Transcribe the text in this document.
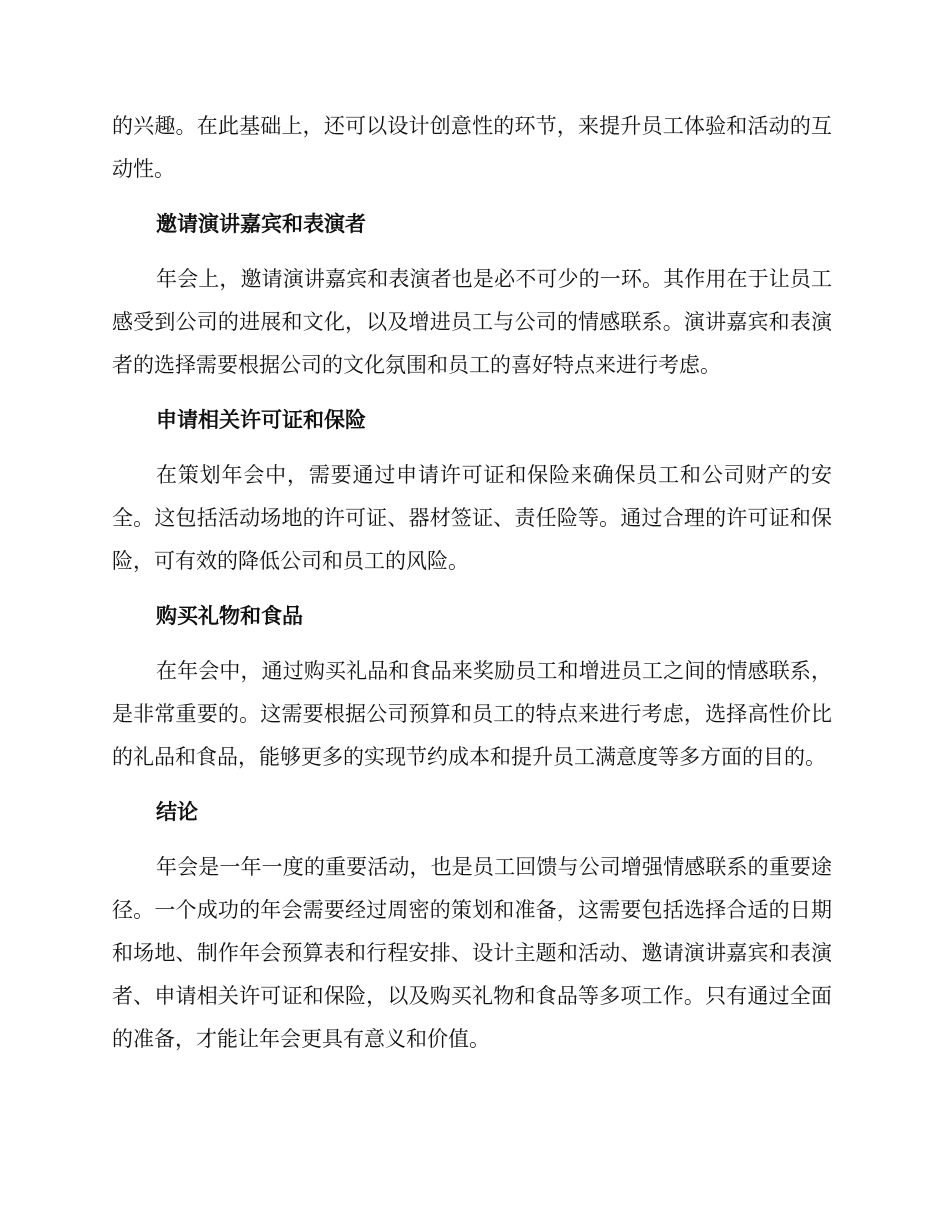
的兴趣。在此基础上，还可以设计创意性的环节，来提升员工体验和活动的互动性。

邀请演讲嘉宾和表演者

年会上，邀请演讲嘉宾和表演者也是必不可少的一环。其作用在于让员工感受到公司的进展和文化，以及增进员工与公司的情感联系。演讲嘉宾和表演者的选择需要根据公司的文化氛围和员工的喜好特点来进行考虑。

申请相关许可证和保险

在策划年会中，需要通过申请许可证和保险来确保员工和公司财产的安全。这包括活动场地的许可证、器材签证、责任险等。通过合理的许可证和保险，可有效的降低公司和员工的风险。

购买礼物和食品

在年会中，通过购买礼品和食品来奖励员工和增进员工之间的情感联系，是非常重要的。这需要根据公司预算和员工的特点来进行考虑，选择高性价比的礼品和食品，能够更多的实现节约成本和提升员工满意度等多方面的目的。

结论

年会是一年一度的重要活动，也是员工回馈与公司增强情感联系的重要途径。一个成功的年会需要经过周密的策划和准备，这需要包括选择合适的日期和场地、制作年会预算表和行程安排、设计主题和活动、邀请演讲嘉宾和表演者、申请相关许可证和保险，以及购买礼物和食品等多项工作。只有通过全面的准备，才能让年会更具有意义和价值。
